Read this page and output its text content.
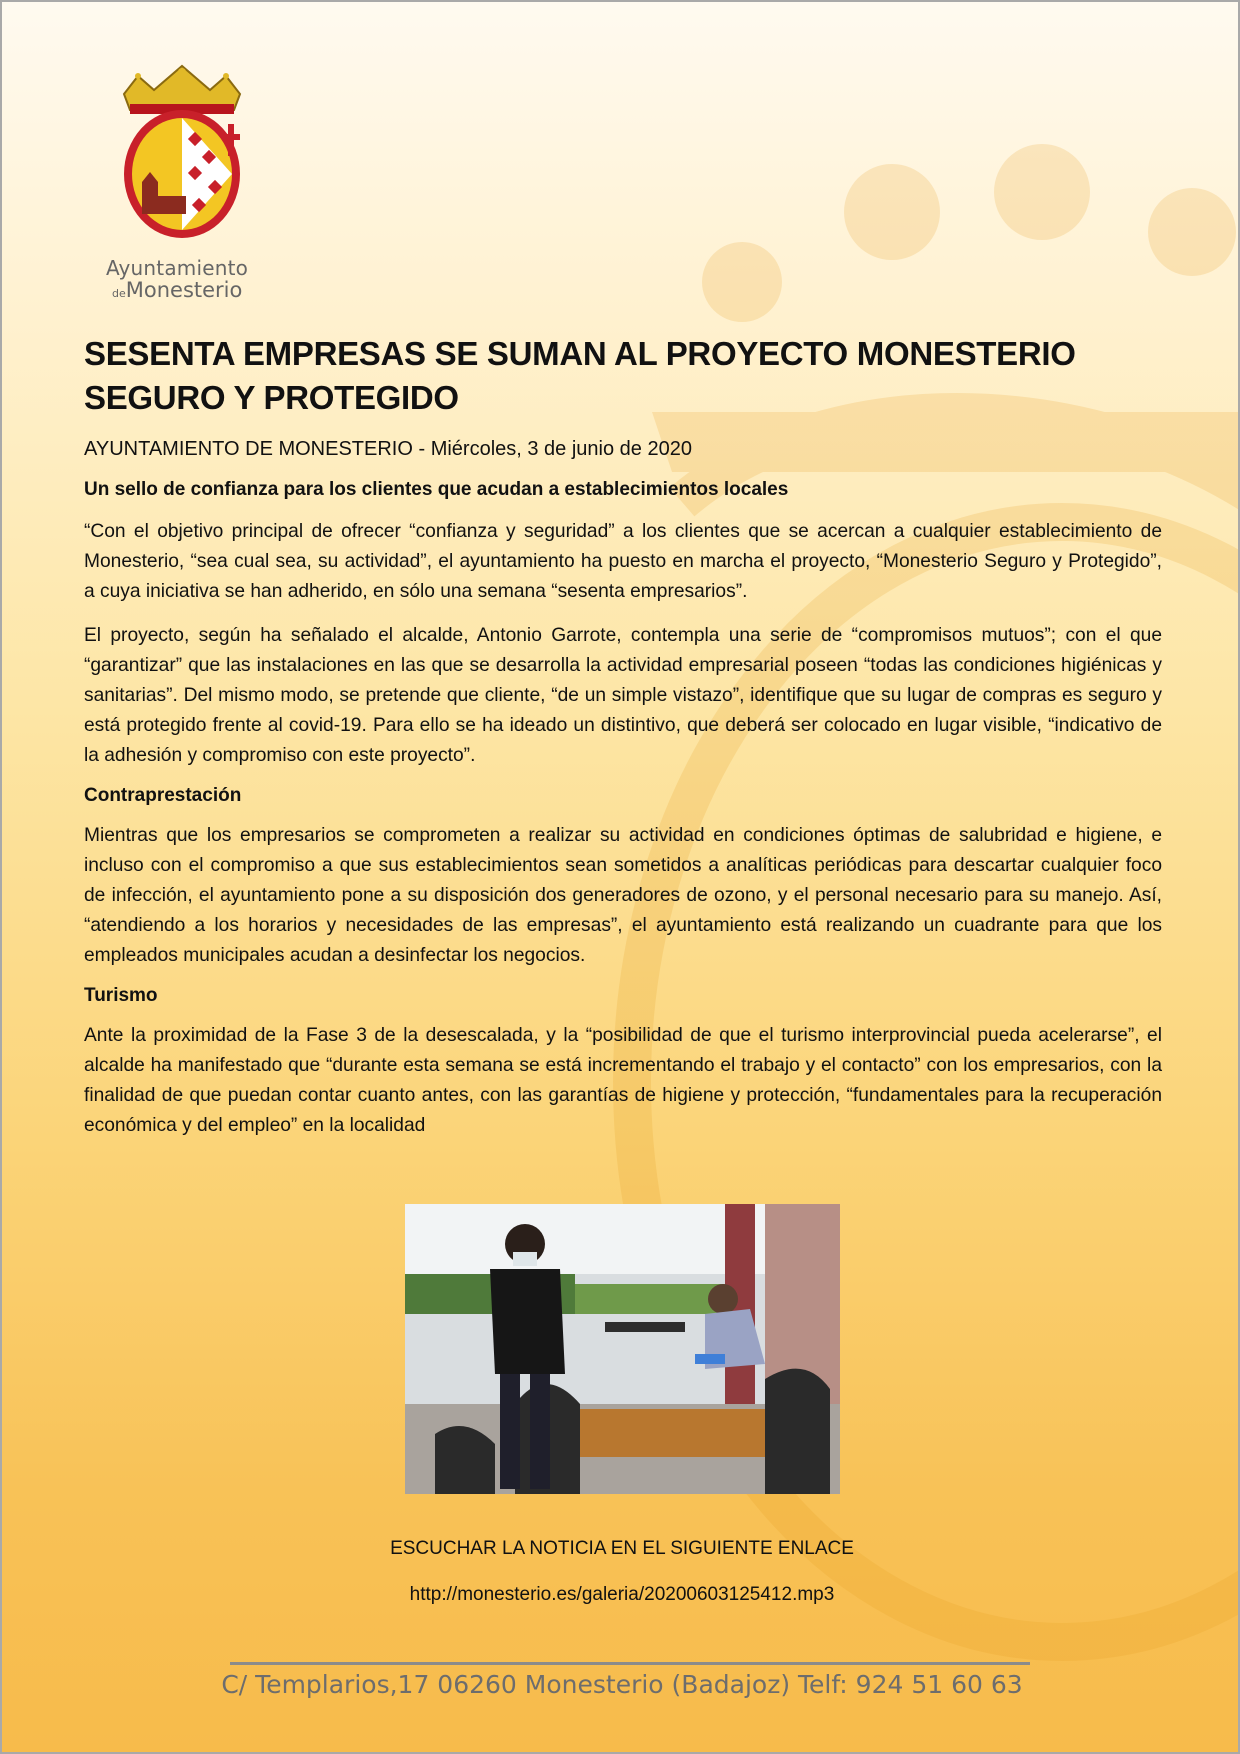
Ayuntamiento
deMonesterio
SESENTA EMPRESAS SE SUMAN AL PROYECTO MONESTERIO SEGURO Y PROTEGIDO
AYUNTAMIENTO DE MONESTERIO - Miércoles, 3 de junio de 2020
Un sello de confianza para los clientes que acudan a establecimientos locales

“Con el objetivo principal de ofrecer “confianza y seguridad” a los clientes que se acercan a cualquier establecimiento de Monesterio, “sea cual sea, su actividad”, el ayuntamiento ha puesto en marcha el proyecto, “Monesterio Seguro y Protegido”, a cuya iniciativa se han adherido, en sólo una semana “sesenta empresarios”.

El proyecto, según ha señalado el alcalde, Antonio Garrote, contempla una serie de “compromisos mutuos”; con el que “garantizar” que las instalaciones en las que se desarrolla la actividad empresarial poseen “todas las condiciones higiénicas y sanitarias”. Del mismo modo, se pretende que cliente, “de un simple vistazo”, identifique que su lugar de compras es seguro y está protegido frente al covid-19. Para ello se ha ideado un distintivo, que deberá ser colocado en lugar visible, “indicativo de la adhesión y compromiso con este proyecto”.

Contraprestación

Mientras que los empresarios se comprometen a realizar su actividad en condiciones óptimas de salubridad e higiene, e incluso con el compromiso a que sus establecimientos sean sometidos a analíticas periódicas para descartar cualquier foco de infección, el ayuntamiento pone a su disposición dos generadores de ozono, y el personal necesario para su manejo. Así, “atendiendo a los horarios y necesidades de las empresas”, el ayuntamiento está realizando un cuadrante para que los empleados municipales acudan a desinfectar los negocios.

Turismo

Ante la proximidad de la Fase 3 de la desescalada, y la “posibilidad de que el turismo interprovincial pueda acelerarse”, el alcalde ha manifestado que “durante esta semana se está incrementando el trabajo y el contacto” con los empresarios, con la finalidad de que puedan contar cuanto antes, con las garantías de higiene y protección, “fundamentales para la recuperación económica y del empleo” en la localidad

ESCUCHAR LA NOTICIA EN EL SIGUIENTE ENLACE
http://monesterio.es/galeria/20200603125412.mp3
C/ Templarios,17 06260 Monesterio (Badajoz) Telf: 924 51 60 63
